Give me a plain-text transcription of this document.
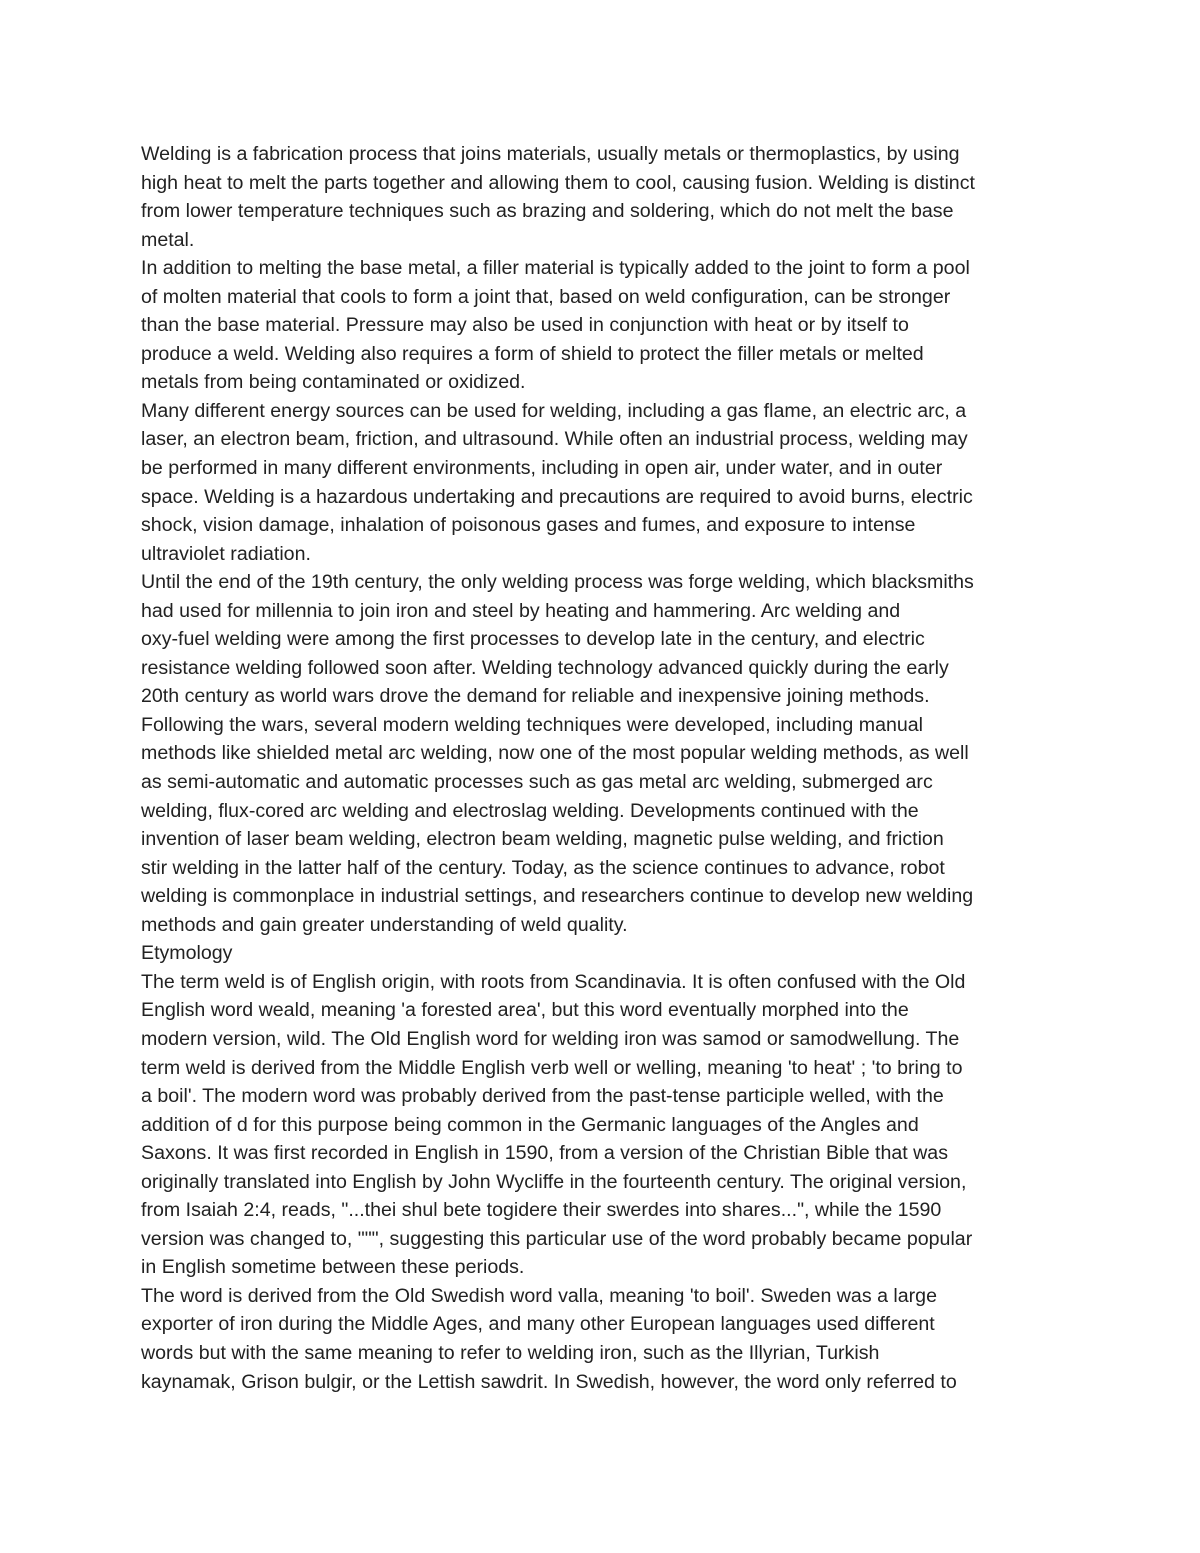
Welding is a fabrication process that joins materials, usually metals or thermoplastics, by using
high heat to melt the parts together and allowing them to cool, causing fusion. Welding is distinct
from lower temperature techniques such as brazing and soldering, which do not melt the base
metal.
In addition to melting the base metal, a filler material is typically added to the joint to form a pool
of molten material that cools to form a joint that, based on weld configuration, can be stronger
than the base material. Pressure may also be used in conjunction with heat or by itself to
produce a weld. Welding also requires a form of shield to protect the filler metals or melted
metals from being contaminated or oxidized.
Many different energy sources can be used for welding, including a gas flame, an electric arc, a
laser, an electron beam, friction, and ultrasound. While often an industrial process, welding may
be performed in many different environments, including in open air, under water, and in outer
space. Welding is a hazardous undertaking and precautions are required to avoid burns, electric
shock, vision damage, inhalation of poisonous gases and fumes, and exposure to intense
ultraviolet radiation.
Until the end of the 19th century, the only welding process was forge welding, which blacksmiths
had used for millennia to join iron and steel by heating and hammering. Arc welding and
oxy-fuel welding were among the first processes to develop late in the century, and electric
resistance welding followed soon after. Welding technology advanced quickly during the early
20th century as world wars drove the demand for reliable and inexpensive joining methods.
Following the wars, several modern welding techniques were developed, including manual
methods like shielded metal arc welding, now one of the most popular welding methods, as well
as semi-automatic and automatic processes such as gas metal arc welding, submerged arc
welding, flux-cored arc welding and electroslag welding. Developments continued with the
invention of laser beam welding, electron beam welding, magnetic pulse welding, and friction
stir welding in the latter half of the century. Today, as the science continues to advance, robot
welding is commonplace in industrial settings, and researchers continue to develop new welding
methods and gain greater understanding of weld quality.
Etymology
The term weld is of English origin, with roots from Scandinavia. It is often confused with the Old
English word weald, meaning 'a forested area', but this word eventually morphed into the
modern version, wild. The Old English word for welding iron was samod or samodwellung. The
term weld is derived from the Middle English verb well or welling, meaning 'to heat' ; 'to bring to
a boil'. The modern word was probably derived from the past-tense participle welled, with the
addition of d for this purpose being common in the Germanic languages of the Angles and
Saxons. It was first recorded in English in 1590, from a version of the Christian Bible that was
originally translated into English by John Wycliffe in the fourteenth century. The original version,
from Isaiah 2:4, reads, "...thei shul bete togidere their swerdes into shares...", while the 1590
version was changed to, """, suggesting this particular use of the word probably became popular
in English sometime between these periods.
The word is derived from the Old Swedish word valla, meaning 'to boil'. Sweden was a large
exporter of iron during the Middle Ages, and many other European languages used different
words but with the same meaning to refer to welding iron, such as the Illyrian, Turkish
kaynamak, Grison bulgir, or the Lettish sawdrit. In Swedish, however, the word only referred to
